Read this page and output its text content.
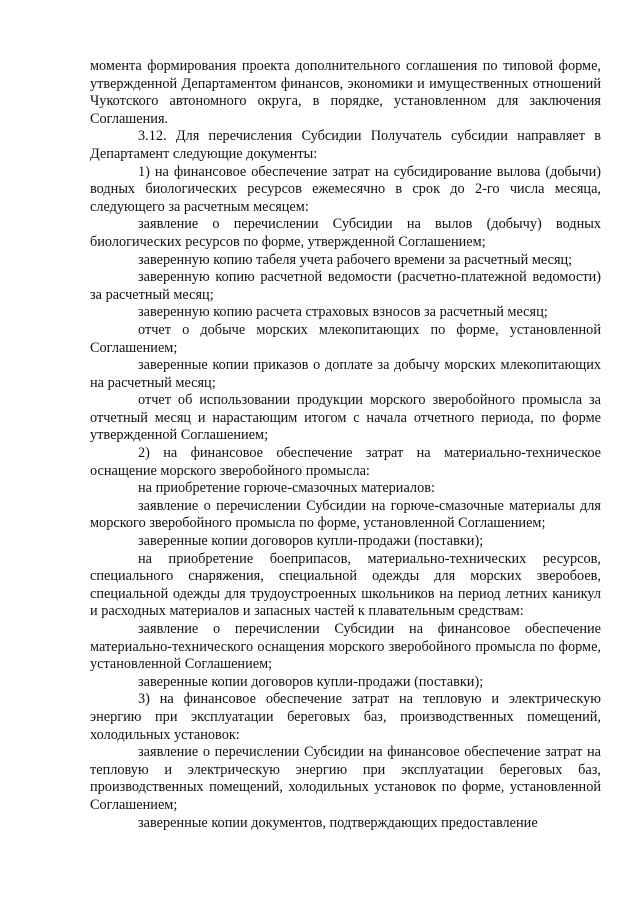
момента формирования проекта дополнительного соглашения по типовой форме, утвержденной Департаментом финансов, экономики и имущественных отношений Чукотского автономного округа, в порядке, установленном для заключения Соглашения.

3.12. Для перечисления Субсидии Получатель субсидии направляет в Департамент следующие документы:

1) на финансовое обеспечение затрат на субсидирование вылова (добычи) водных биологических ресурсов ежемесячно в срок до 2-го числа месяца, следующего за расчетным месяцем:

заявление о перечислении Субсидии на вылов (добычу) водных биологических ресурсов по форме, утвержденной Соглашением;

заверенную копию табеля учета рабочего времени за расчетный месяц;

заверенную копию расчетной ведомости (расчетно-платежной ведомости) за расчетный месяц;

заверенную копию расчета страховых взносов за расчетный месяц;

отчет о добыче морских млекопитающих по форме, установленной Соглашением;

заверенные копии приказов о доплате за добычу морских млекопитающих на расчетный месяц;

отчет об использовании продукции морского зверобойного промысла за отчетный месяц и нарастающим итогом с начала отчетного периода, по форме утвержденной Соглашением;

2) на финансовое обеспечение затрат на материально-техническое оснащение морского зверобойного промысла:

на приобретение горюче-смазочных материалов:

заявление о перечислении Субсидии на горюче-смазочные материалы для морского зверобойного промысла по форме, установленной Соглашением;

заверенные копии договоров купли-продажи (поставки);

на приобретение боеприпасов, материально-технических ресурсов, специального снаряжения, специальной одежды для морских зверобоев, специальной одежды для трудоустроенных школьников на период летних каникул и расходных материалов и запасных частей к плавательным средствам:

заявление о перечислении Субсидии на финансовое обеспечение материально-технического оснащения морского зверобойного промысла по форме, установленной Соглашением;

заверенные копии договоров купли-продажи (поставки);

3) на финансовое обеспечение затрат на тепловую и электрическую энергию при эксплуатации береговых баз, производственных помещений, холодильных установок:

заявление о перечислении Субсидии на финансовое обеспечение затрат на тепловую и электрическую энергию при эксплуатации береговых баз, производственных помещений, холодильных установок по форме, установленной Соглашением;

заверенные копии документов, подтверждающих предоставление
